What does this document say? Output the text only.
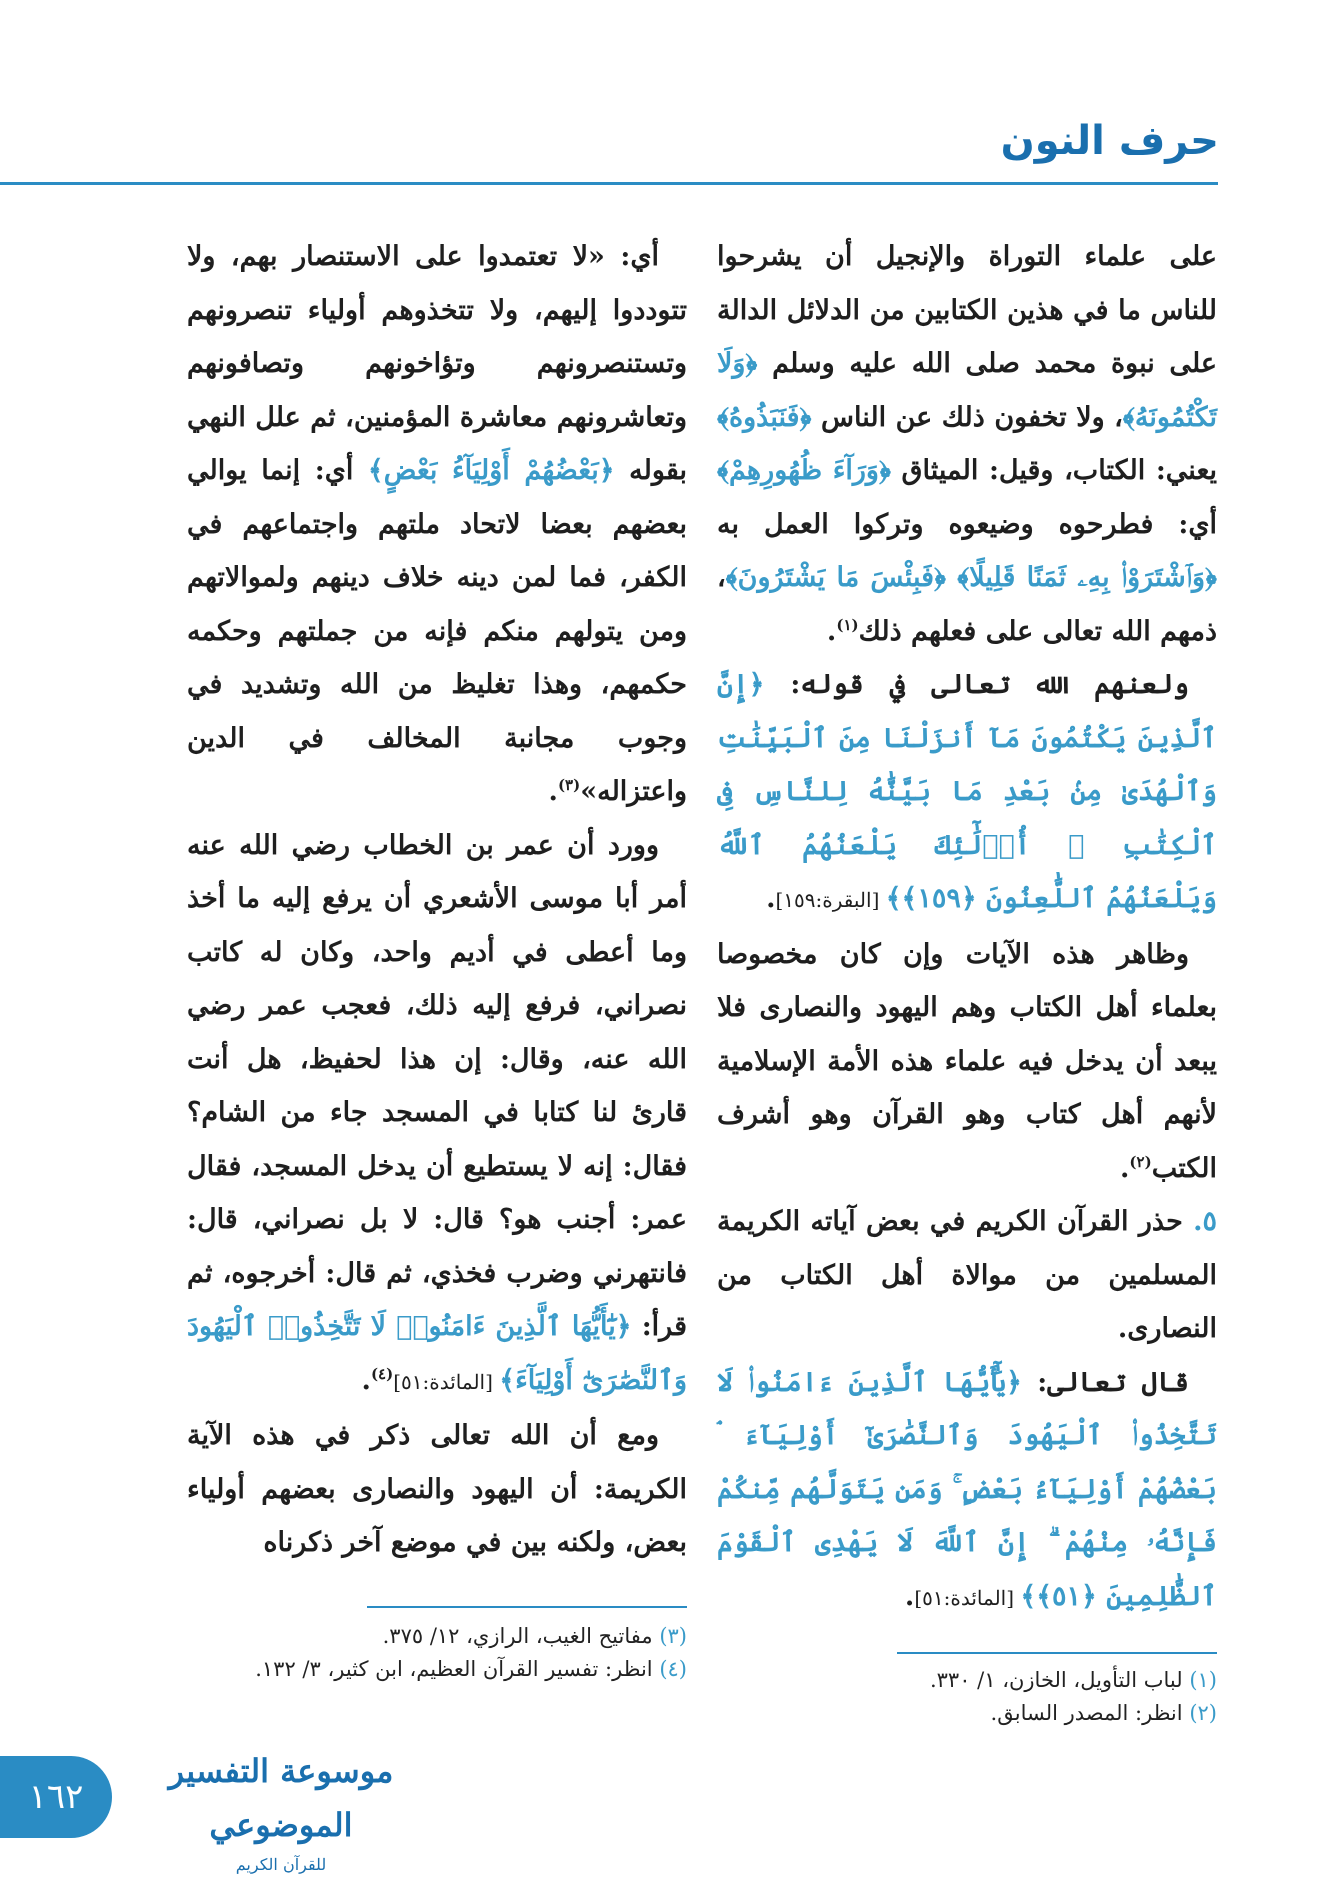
حرف النون

على علماء التوراة والإنجيل أن يشرحوا للناس ما في هذين الكتابين من الدلائل الدالة على نبوة محمد صلى الله عليه وسلم ﴿وَلَا تَكْتُمُونَهُ﴾، ولا تخفون ذلك عن الناس ﴿فَنَبَذُوهُ﴾ يعني: الكتاب، وقيل: الميثاق ﴿وَرَآءَ ظُهُورِهِمْ﴾ أي: فطرحوه وضيعوه وتركوا العمل به ﴿وَٱشْتَرَوْا۟ بِهِۦ ثَمَنًا قَلِيلًا﴾ ﴿فَبِئْسَ مَا يَشْتَرُونَ﴾، ذمهم الله تعالى على فعلهم ذلك$^{(١)}$.

ولعنهم الله تعالى في قوله: ﴿إِنَّ ٱلَّذِينَ يَكْتُمُونَ مَآ أَنزَلْنَا مِنَ ٱلْبَيِّنَٰتِ وَٱلْهُدَىٰ مِنۢ بَعْدِ مَا بَيَّنَّٰهُ لِلنَّاسِ فِى ٱلْكِتَٰبِ ۙ أُو۟لَٰٓئِكَ يَلْعَنُهُمُ ٱللَّهُ وَيَلْعَنُهُمُ ٱللَّٰعِنُونَ ﴿١٥٩﴾﴾ [البقرة:١٥٩].

وظاهر هذه الآيات وإن كان مخصوصا بعلماء أهل الكتاب وهم اليهود والنصارى فلا يبعد أن يدخل فيه علماء هذه الأمة الإسلامية لأنهم أهل كتاب وهو القرآن وهو أشرف الكتب$^{(٢)}$.

٥. حذر القرآن الكريم في بعض آياته الكريمة المسلمين من موالاة أهل الكتاب من النصارى.

قال تعالى: ﴿يَٰٓأَيُّهَا ٱلَّذِينَ ءَامَنُوا۟ لَا تَتَّخِذُوا۟ ٱلْيَهُودَ وَٱلنَّصَٰرَىٰٓ أَوْلِيَآءَ ۘ بَعْضُهُمْ أَوْلِيَآءُ بَعْضٍ ۚ وَمَن يَتَوَلَّهُم مِّنكُمْ فَإِنَّهُۥ مِنْهُمْ ۗ إِنَّ ٱللَّهَ لَا يَهْدِى ٱلْقَوْمَ ٱلظَّٰلِمِينَ ﴿٥١﴾﴾ [المائدة:٥١].

أي: «لا تعتمدوا على الاستنصار بهم، ولا تتوددوا إليهم، ولا تتخذوهم أولياء تنصرونهم وتستنصرونهم وتؤاخونهم وتصافونهم وتعاشرونهم معاشرة المؤمنين، ثم علل النهي بقوله ﴿بَعْضُهُمْ أَوْلِيَآءُ بَعْضٍ﴾ أي: إنما يوالي بعضهم بعضا لاتحاد ملتهم واجتماعهم في الكفر، فما لمن دينه خلاف دينهم ولموالاتهم ومن يتولهم منكم فإنه من جملتهم وحكمه حكمهم، وهذا تغليظ من الله وتشديد في وجوب مجانبة المخالف في الدين واعتزاله»$^{(٣)}$.

وورد أن عمر بن الخطاب رضي الله عنه أمر أبا موسى الأشعري أن يرفع إليه ما أخذ وما أعطى في أديم واحد، وكان له كاتب نصراني، فرفع إليه ذلك، فعجب عمر رضي الله عنه، وقال: إن هذا لحفيظ، هل أنت قارئ لنا كتابا في المسجد جاء من الشام؟ فقال: إنه لا يستطيع أن يدخل المسجد، فقال عمر: أجنب هو؟ قال: لا بل نصراني، قال: فانتهرني وضرب فخذي، ثم قال: أخرجوه، ثم قرأ: ﴿يَٰٓأَيُّهَا ٱلَّذِينَ ءَامَنُوا۟ لَا تَتَّخِذُوا۟ ٱلْيَهُودَ وَٱلنَّصَٰرَىٰٓ أَوْلِيَآءَ﴾ [المائدة:٥١]$^{(٤)}$.

ومع أن الله تعالى ذكر في هذه الآية الكريمة: أن اليهود والنصارى بعضهم أولياء بعض، ولكنه بين في موضع آخر ذكرناه

(١) لباب التأويل، الخازن، ١/ ٣٣٠.

(٢) انظر: المصدر السابق.

(٣) مفاتيح الغيب، الرازي، ١٢/ ٣٧٥.

(٤) انظر: تفسير القرآن العظيم، ابن كثير، ٣/ ١٣٢.

١٦٢
موسوعة التفسير الموضوعي
للقرآن الكريم
